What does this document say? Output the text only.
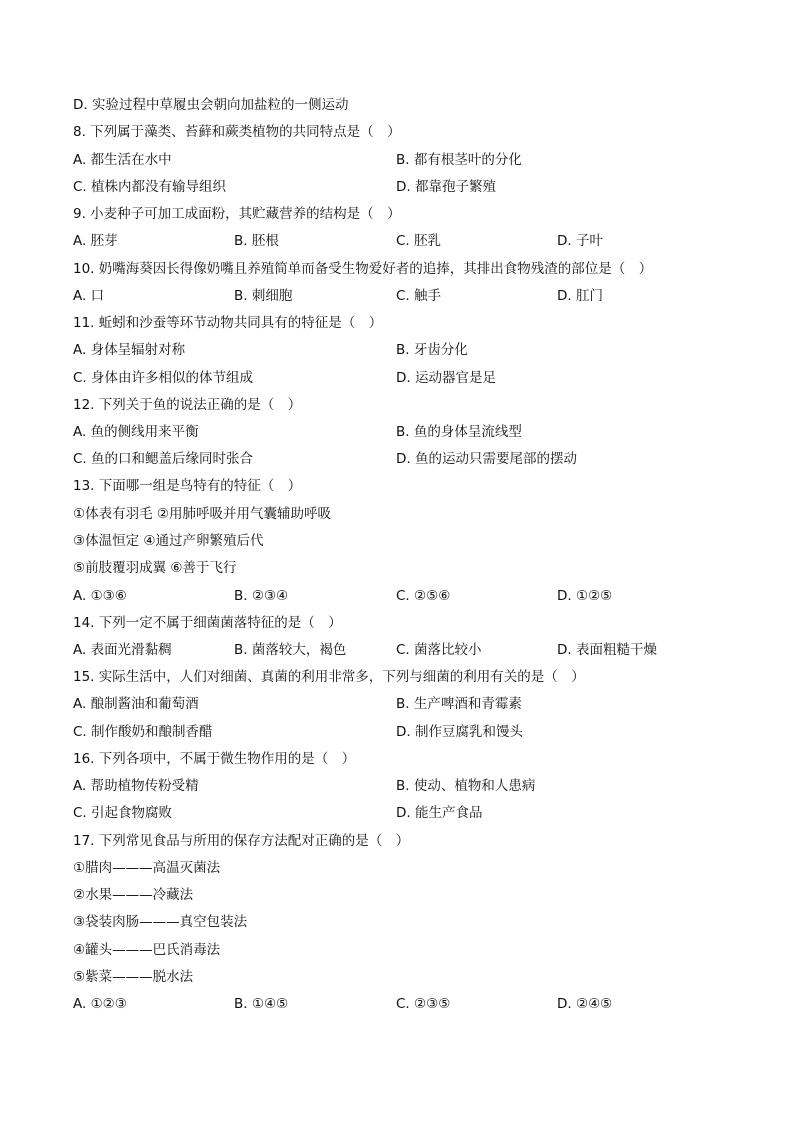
D. 实验过程中草履虫会朝向加盐粒的一侧运动
8. 下列属于藻类、苔藓和蕨类植物的共同特点是（　）
A. 都生活在水中	B. 都有根茎叶的分化
C. 植株内都没有输导组织	D. 都靠孢子繁殖
9. 小麦种子可加工成面粉，其贮藏营养的结构是（　）
A. 胚芽	B. 胚根	C. 胚乳	D. 子叶
10. 奶嘴海葵因长得像奶嘴且养殖简单而备受生物爱好者的追捧，其排出食物残渣的部位是（　）
A. 口	B. 刺细胞	C. 触手	D. 肛门
11. 蚯蚓和沙蚕等环节动物共同具有的特征是（　）
A. 身体呈辐射对称	B. 牙齿分化
C. 身体由许多相似的体节组成	D. 运动器官是足
12. 下列关于鱼的说法正确的是（　）
A. 鱼的侧线用来平衡	B. 鱼的身体呈流线型
C. 鱼的口和鳃盖后缘同时张合	D. 鱼的运动只需要尾部的摆动
13. 下面哪一组是鸟特有的特征（　）
①体表有羽毛 ②用肺呼吸并用气囊辅助呼吸
③体温恒定 ④通过产卵繁殖后代
⑤前肢覆羽成翼 ⑥善于飞行
A. ①③⑥	B. ②③④	C. ②⑤⑥	D. ①②⑤
14. 下列一定不属于细菌菌落特征的是（　）
A. 表面光滑黏稠	B. 菌落较大，褐色	C. 菌落比较小	D. 表面粗糙干燥
15. 实际生活中，人们对细菌、真菌的利用非常多，下列与细菌的利用有关的是（　）
A. 酿制酱油和葡萄酒	B. 生产啤酒和青霉素
C. 制作酸奶和酿制香醋	D. 制作豆腐乳和馒头
16. 下列各项中，不属于微生物作用的是（　）
A. 帮助植物传粉受精	B. 使动、植物和人患病
C. 引起食物腐败	D. 能生产食品
17. 下列常见食品与所用的保存方法配对正确的是（　）
①腊肉———高温灭菌法
②水果———冷藏法
③袋装肉肠———真空包装法
④罐头———巴氏消毒法
⑤紫菜———脱水法
A. ①②③	B. ①④⑤	C. ②③⑤	D. ②④⑤
